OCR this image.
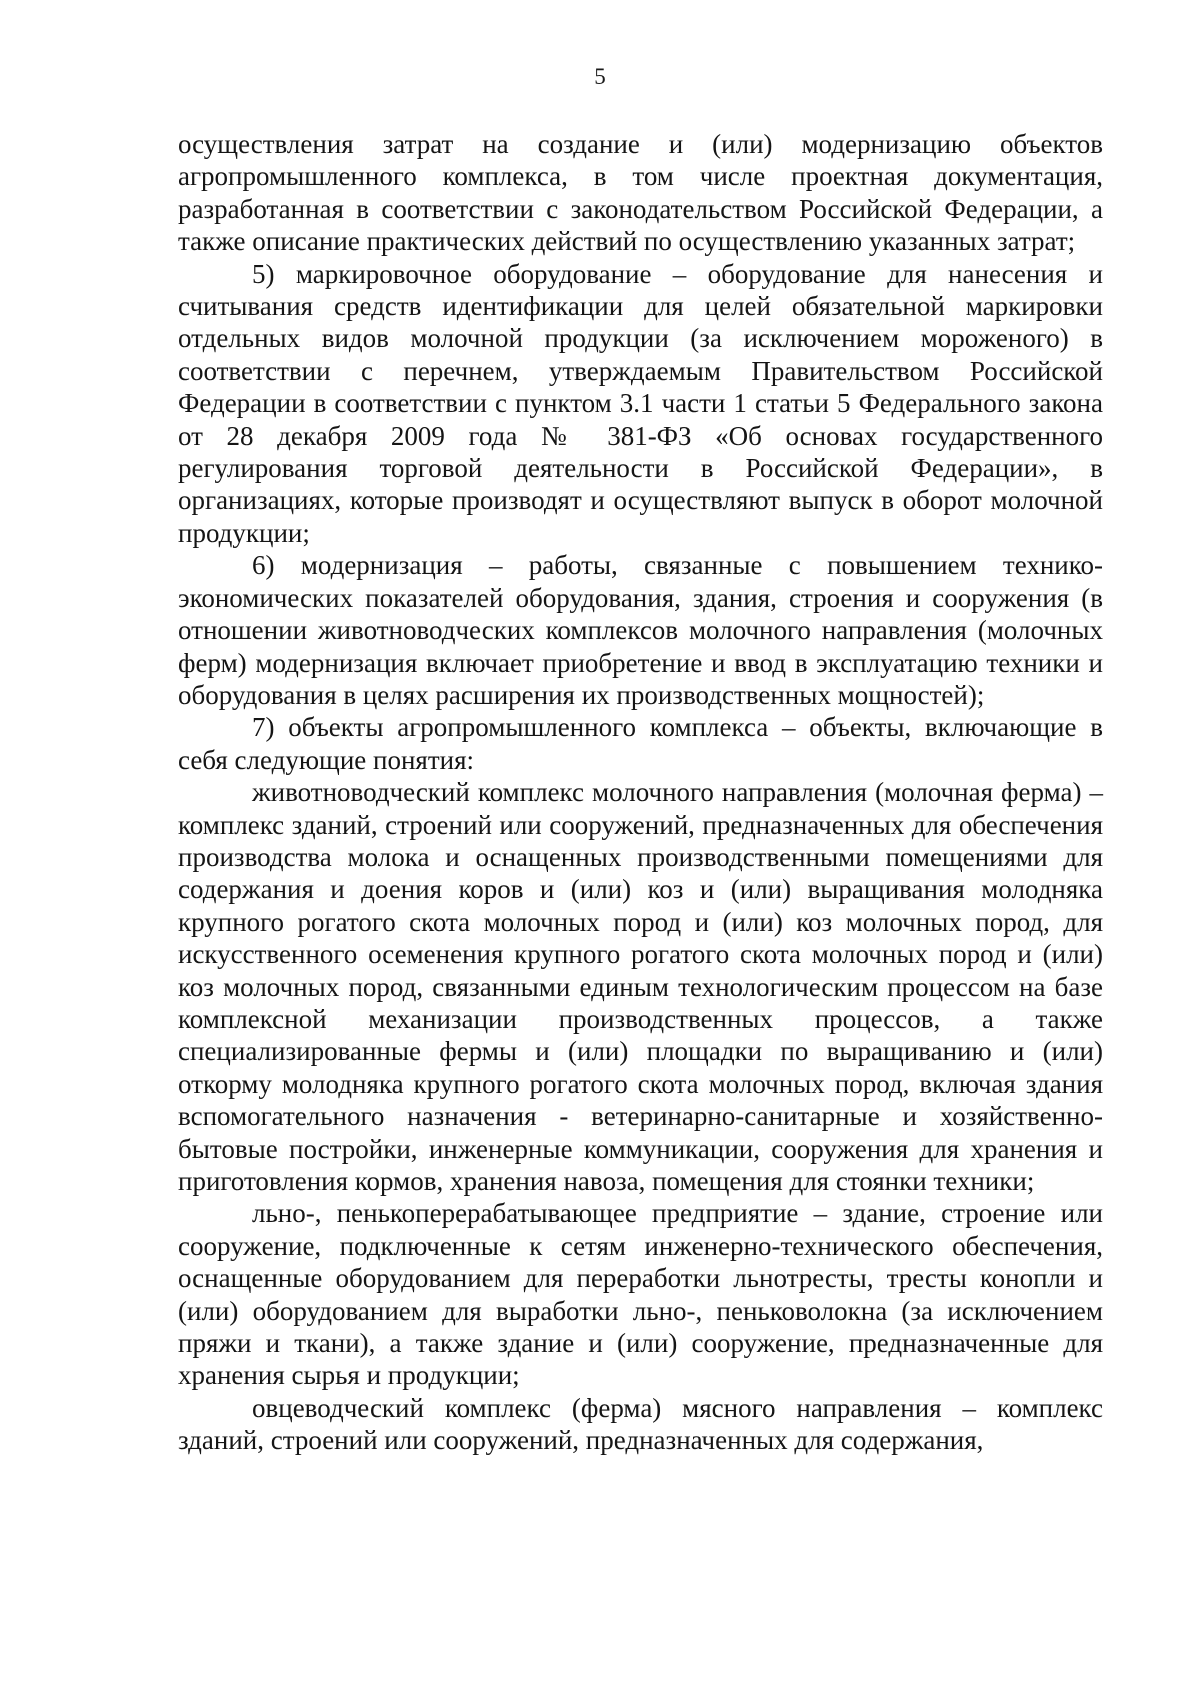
5

осуществления затрат на создание и (или) модернизацию объектов агропромышленного комплекса, в том числе проектная документация, разработанная в соответствии с законодательством Российской Федерации, а также описание практических действий по осуществлению указанных затрат;

5) маркировочное оборудование – оборудование для нанесения и считывания средств идентификации для целей обязательной маркировки отдельных видов молочной продукции (за исключением мороженого) в соответствии с перечнем, утверждаемым Правительством Российской Федерации в соответствии с пунктом 3.1 части 1 статьи 5 Федерального закона от 28 декабря 2009 года № 381-ФЗ «Об основах государственного регулирования торговой деятельности в Российской Федерации», в организациях, которые производят и осуществляют выпуск в оборот молочной продукции;

6) модернизация – работы, связанные с повышением технико-экономических показателей оборудования, здания, строения и сооружения (в отношении животноводческих комплексов молочного направления (молочных ферм) модернизация включает приобретение и ввод в эксплуатацию техники и оборудования в целях расширения их производственных мощностей);

7) объекты агропромышленного комплекса – объекты, включающие в себя следующие понятия:

животноводческий комплекс молочного направления (молочная ферма) – комплекс зданий, строений или сооружений, предназначенных для обеспечения производства молока и оснащенных производственными помещениями для содержания и доения коров и (или) коз и (или) выращивания молодняка крупного рогатого скота молочных пород и (или) коз молочных пород, для искусственного осеменения крупного рогатого скота молочных пород и (или) коз молочных пород, связанными единым технологическим процессом на базе комплексной механизации производственных процессов, а также специализированные фермы и (или) площадки по выращиванию и (или) откорму молодняка крупного рогатого скота молочных пород, включая здания вспомогательного назначения - ветеринарно-санитарные и хозяйственно-бытовые постройки, инженерные коммуникации, сооружения для хранения и приготовления кормов, хранения навоза, помещения для стоянки техники;

льно-, пенькоперерабатывающее предприятие – здание, строение или сооружение, подключенные к сетям инженерно-технического обеспечения, оснащенные оборудованием для переработки льнотресты, тресты конопли и (или) оборудованием для выработки льно-, пеньковолокна (за исключением пряжи и ткани), а также здание и (или) сооружение, предназначенные для хранения сырья и продукции;

овцеводческий комплекс (ферма) мясного направления – комплекс зданий, строений или сооружений, предназначенных для содержания,
